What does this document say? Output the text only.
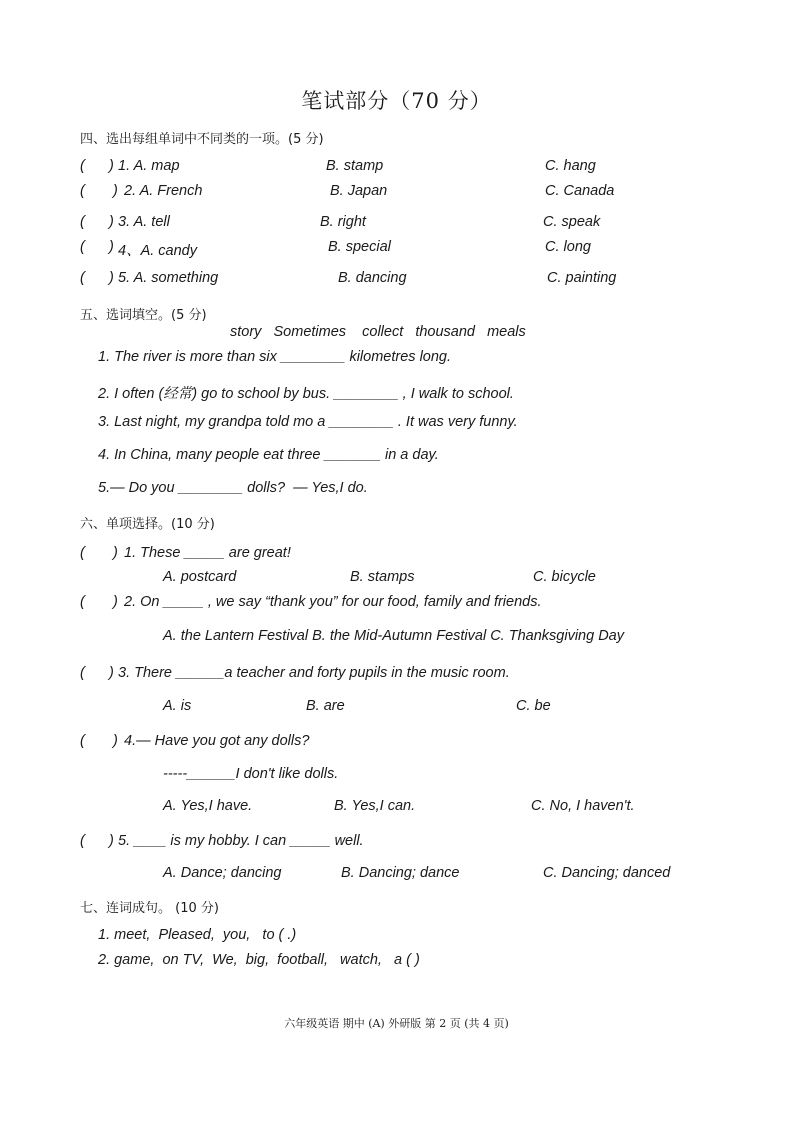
笔试部分（70 分）
四、选出每组单词中不同类的一项。(5 分)
(      ) 1. A. map	B. stamp	C. hang
(       ) 2. A. French	B. Japan	C. Canada
(      ) 3. A. tell	B. right	C. speak
(      ) 4、A. candy	B. special	C. long
(      ) 5. A. something	B. dancing	C. painting
五、选词填空。(5 分)
story   Sometimes    collect   thousand   meals
1. The river is more than six ________ kilometres long.
2. I often (经常) go to school by bus. ________ , I walk to school.
3. Last night, my grandpa told mo a ________ . It was very funny.
4. In China, many people eat three _______ in a day.
5.— Do you ________ dolls?  — Yes,I do.
六、单项选择。(10 分)
(       ) 1. These _____ are great!
A. postcard	B. stamps	C. bicycle
(       ) 2. On _____ , we say “thank you” for our food, family and friends.
A. the Lantern Festival B. the Mid-Autumn Festival C. Thanksgiving Day
(      ) 3. There ______a teacher and forty pupils in the music room.
A. is	B. are	C. be
(       ) 4.— Have you got any dolls?
-----______I don't like dolls.
A. Yes,I have.	B. Yes,I can.	C. No, I haven't.
(      ) 5. ____ is my hobby. I can _____ well.
A. Dance; dancing	B. Dancing; dance	C. Dancing; danced
七、连词成句。 (10 分)
1. meet,  Pleased,  you,   to ( .)
2. game,  on TV,  We,  big,  football,   watch,   a ( )
六年级英语 期中 (A) 外研版 第 2 页 (共 4 页)
